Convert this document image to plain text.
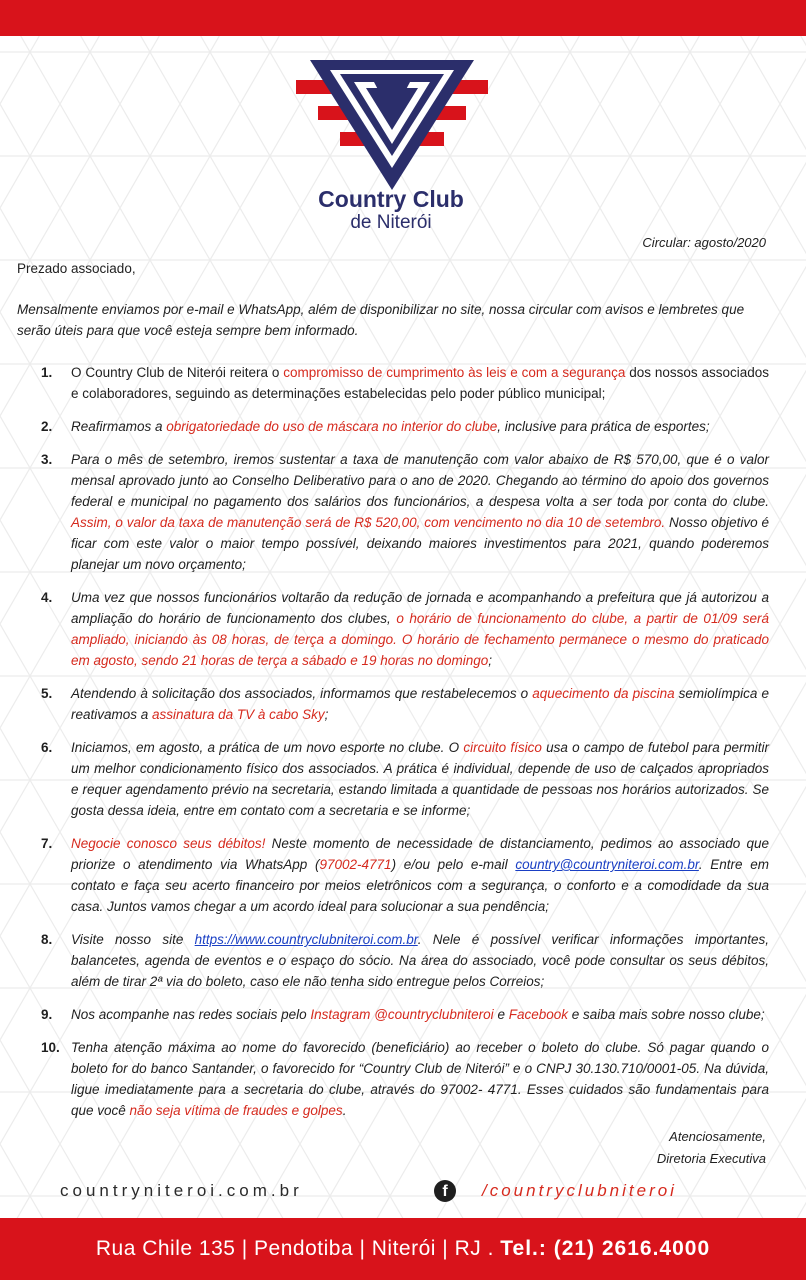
Country Club
de Niterói
Circular: agosto/2020
Prezado associado,
Mensalmente enviamos por e-mail e WhatsApp, além de disponibilizar no site, nossa circular com avisos e lembretes que serão úteis para que você esteja sempre bem informado.
1. O Country Club de Niterói reitera o compromisso de cumprimento às leis e com a segurança dos nossos associados e colaboradores, seguindo as determinações estabelecidas pelo poder público municipal;
2. Reafirmamos a obrigatoriedade do uso de máscara no interior do clube, inclusive para prática de esportes;
3. Para o mês de setembro, iremos sustentar a taxa de manutenção com valor abaixo de R$ 570,00, que é o valor mensal aprovado junto ao Conselho Deliberativo para o ano de 2020. Chegando ao término do apoio dos governos federal e municipal no pagamento dos salários dos funcionários, a despesa volta a ser toda por conta do clube. Assim, o valor da taxa de manutenção será de R$ 520,00, com vencimento no dia 10 de setembro. Nosso objetivo é ficar com este valor o maior tempo possível, deixando maiores investimentos para 2021, quando poderemos planejar um novo orçamento;
4. Uma vez que nossos funcionários voltarão da redução de jornada e acompanhando a prefeitura que já autorizou a ampliação do horário de funcionamento dos clubes, o horário de funcionamento do clube, a partir de 01/09 será ampliado, iniciando às 08 horas, de terça a domingo. O horário de fechamento permanece o mesmo do praticado em agosto, sendo 21 horas de terça a sábado e 19 horas no domingo;
5. Atendendo à solicitação dos associados, informamos que restabelecemos o aquecimento da piscina semiolímpica e reativamos a assinatura da TV à cabo Sky;
6. Iniciamos, em agosto, a prática de um novo esporte no clube. O circuito físico usa o campo de futebol para permitir um melhor condicionamento físico dos associados. A prática é individual, depende de uso de calçados apropriados e requer agendamento prévio na secretaria, estando limitada a quantidade de pessoas nos horários autorizados. Se gosta dessa ideia, entre em contato com a secretaria e se informe;
7. Negocie conosco seus débitos! Neste momento de necessidade de distanciamento, pedimos ao associado que priorize o atendimento via WhatsApp (97002-4771) e/ou pelo e-mail country@countryniteroi.com.br. Entre em contato e faça seu acerto financeiro por meios eletrônicos com a segurança, o conforto e a comodidade da sua casa. Juntos vamos chegar a um acordo ideal para solucionar a sua pendência;
8. Visite nosso site https://www.countryclubniteroi.com.br. Nele é possível verificar informações importantes, balancetes, agenda de eventos e o espaço do sócio. Na área do associado, você pode consultar os seus débitos, além de tirar 2ª via do boleto, caso ele não tenha sido entregue pelos Correios;
9. Nos acompanhe nas redes sociais pelo Instagram @countryclubniteroi e Facebook e saiba mais sobre nosso clube;
10. Tenha atenção máxima ao nome do favorecido (beneficiário) ao receber o boleto do clube. Só pagar quando o boleto for do banco Santander, o favorecido for “Country Club de Niterói” e o CNPJ 30.130.710/0001-05. Na dúvida, ligue imediatamente para a secretaria do clube, através do 97002- 4771. Esses cuidados são fundamentais para que você não seja vítima de fraudes e golpes.
Atenciosamente,
Diretoria Executiva
countryniteroi.com.br	f	/countryclubniteroi
Rua Chile 135 | Pendotiba | Niterói | RJ . Tel.: (21) 2616.4000
